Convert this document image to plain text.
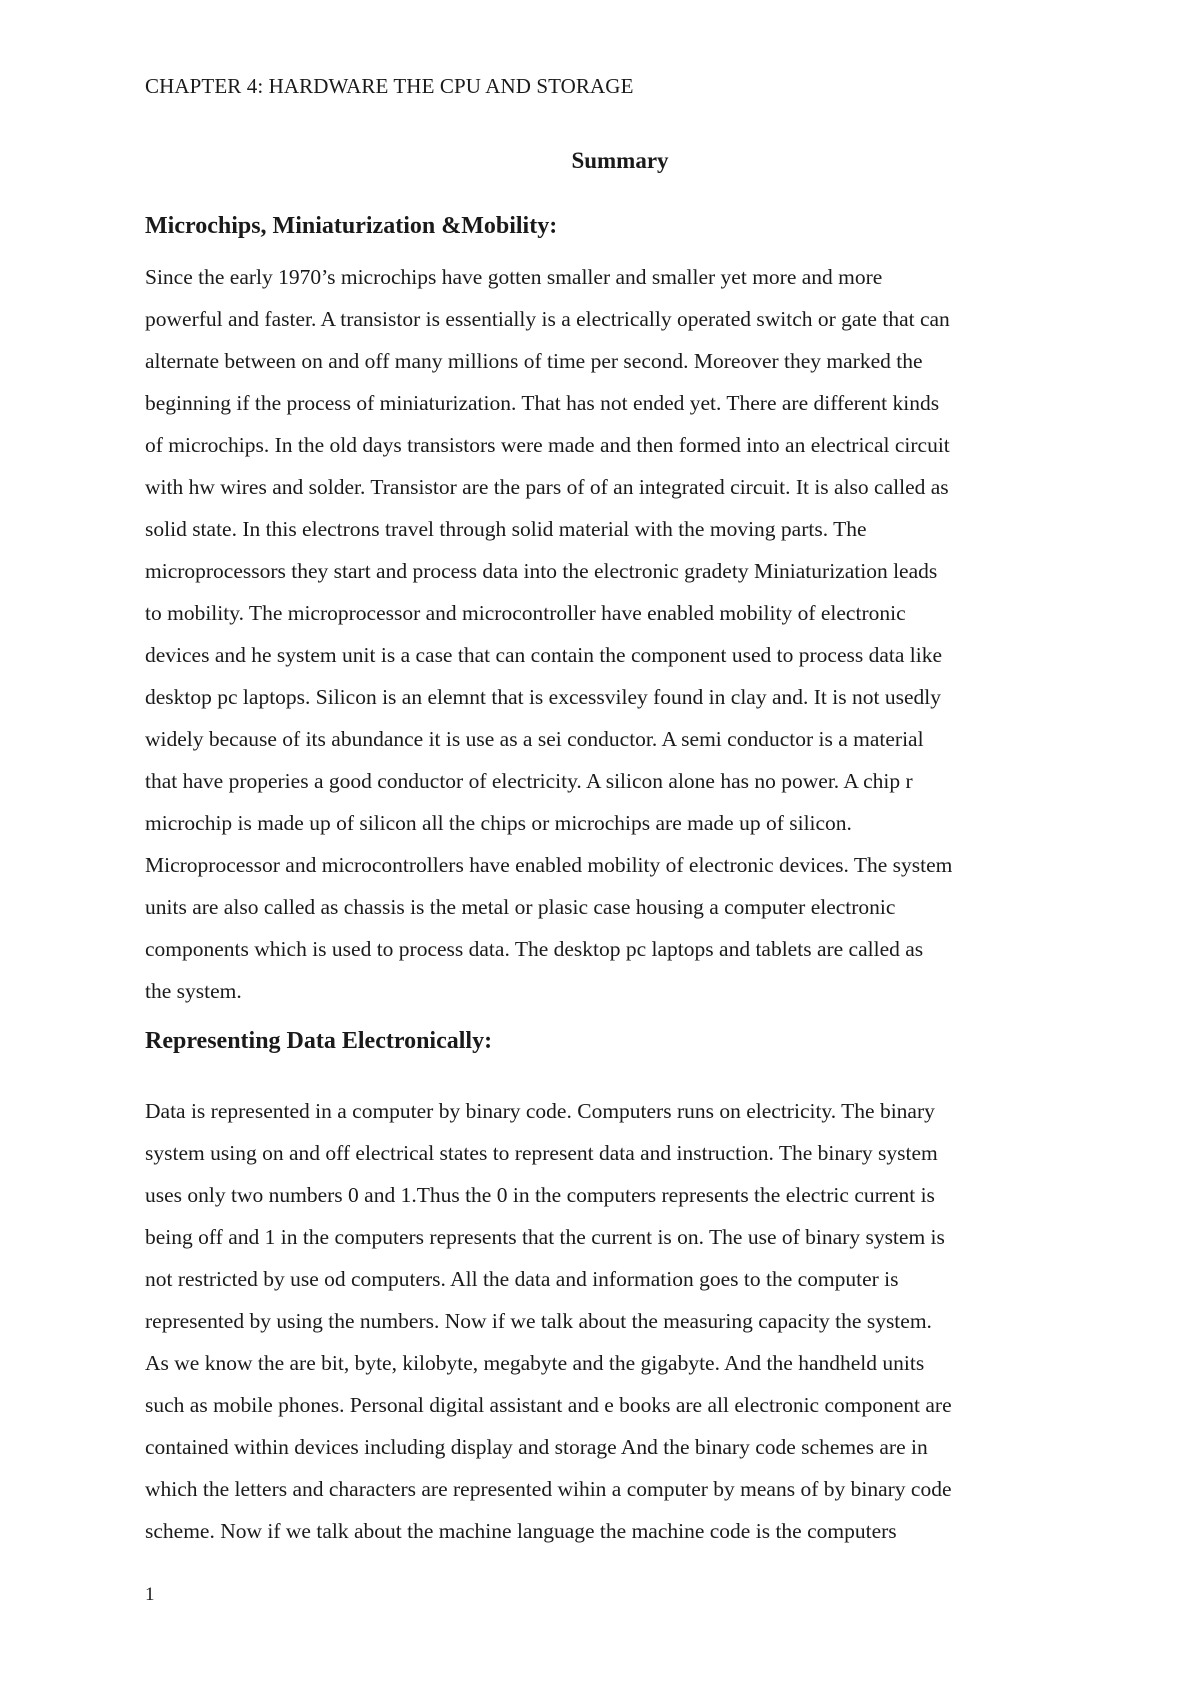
CHAPTER 4: HARDWARE THE CPU AND STORAGE
Summary
Microchips, Miniaturization &Mobility:
Since the early 1970’s microchips have gotten smaller and smaller yet more and more
powerful and faster. A transistor is essentially is a electrically operated switch or gate that can
alternate between on and off many millions of time per second. Moreover they marked the
beginning if the process of miniaturization. That has not ended yet. There are different kinds
of microchips. In the old days transistors were made and then formed into an electrical circuit
with hw wires and solder. Transistor are the pars of of an integrated circuit. It is also called as
solid state. In this electrons travel through solid material with the moving parts. The
microprocessors they start and process data into the electronic gradety Miniaturization leads
to mobility. The microprocessor and microcontroller have enabled mobility of electronic
devices and he system unit is a case that can contain the component used to process data like
desktop pc laptops. Silicon is an elemnt that is excessviley found in clay and. It is not usedly
widely because of its abundance it is use as a sei conductor. A semi conductor is a material
that have properies a good conductor of electricity. A silicon alone has no power. A chip r
microchip is made up of silicon all the chips or microchips are made up of silicon.
Microprocessor and microcontrollers have enabled mobility of electronic devices. The system
units are also called as chassis is the metal or plasic case housing a computer electronic
components which is used to process data. The desktop pc laptops and tablets are called as
the system.
Representing Data Electronically:
Data is represented in a computer by binary code. Computers runs on electricity. The binary
system using on and off electrical states to represent data and instruction. The binary system
uses only two numbers 0 and 1.Thus the 0 in the computers represents the electric current is
being off and 1 in the computers represents that the current is on. The use of binary system is
not restricted by use od computers. All the data and information goes to the computer is
represented by using the numbers. Now if we talk about the measuring capacity the system.
As we know the are bit, byte, kilobyte, megabyte and the gigabyte. And the handheld units
such as mobile phones. Personal digital assistant and e books are all electronic component are
contained within devices including display and storage And the binary code schemes are in
which the letters and characters are represented wihin a computer by means of by binary code
scheme. Now if we talk about the machine language the machine code is the computers
1
